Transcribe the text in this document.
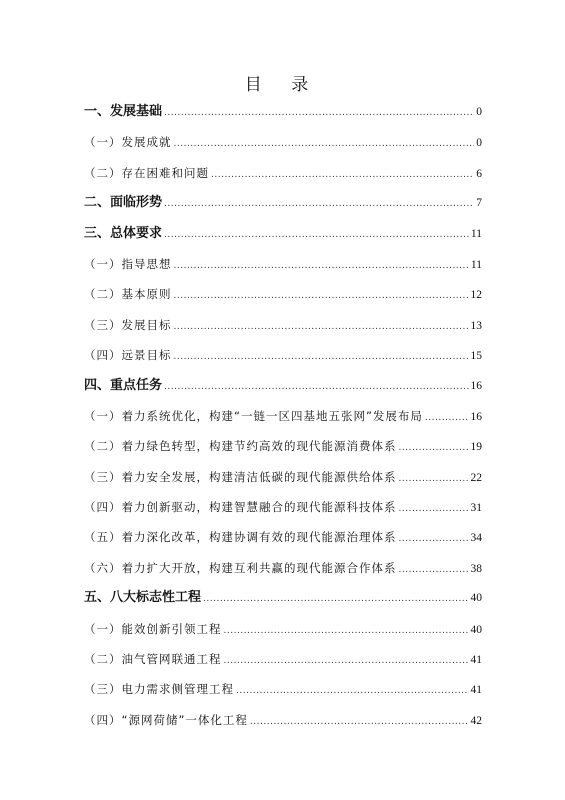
目 录
一、发展基础 .....	0
（一）发展成就 .....	0
（二）存在困难和问题 .....	6
二、面临形势 .....	7
三、总体要求 .....	11
（一）指导思想 .....	11
（二）基本原则 .....	12
（三）发展目标 .....	13
（四）远景目标 .....	15
四、重点任务 .....	16
（一）着力系统优化，构建“一链一区四基地五张网”发展布局 .....	16
（二）着力绿色转型，构建节约高效的现代能源消费体系 .....	19
（三）着力安全发展，构建清洁低碳的现代能源供给体系 .....	22
（四）着力创新驱动，构建智慧融合的现代能源科技体系 .....	31
（五）着力深化改革，构建协调有效的现代能源治理体系 .....	34
（六）着力扩大开放，构建互利共赢的现代能源合作体系 .....	38
五、八大标志性工程 .....	40
（一）能效创新引领工程 .....	40
（二）油气管网联通工程 .....	41
（三）电力需求侧管理工程 .....	41
（四）“源网荷储”一体化工程 .....	42
